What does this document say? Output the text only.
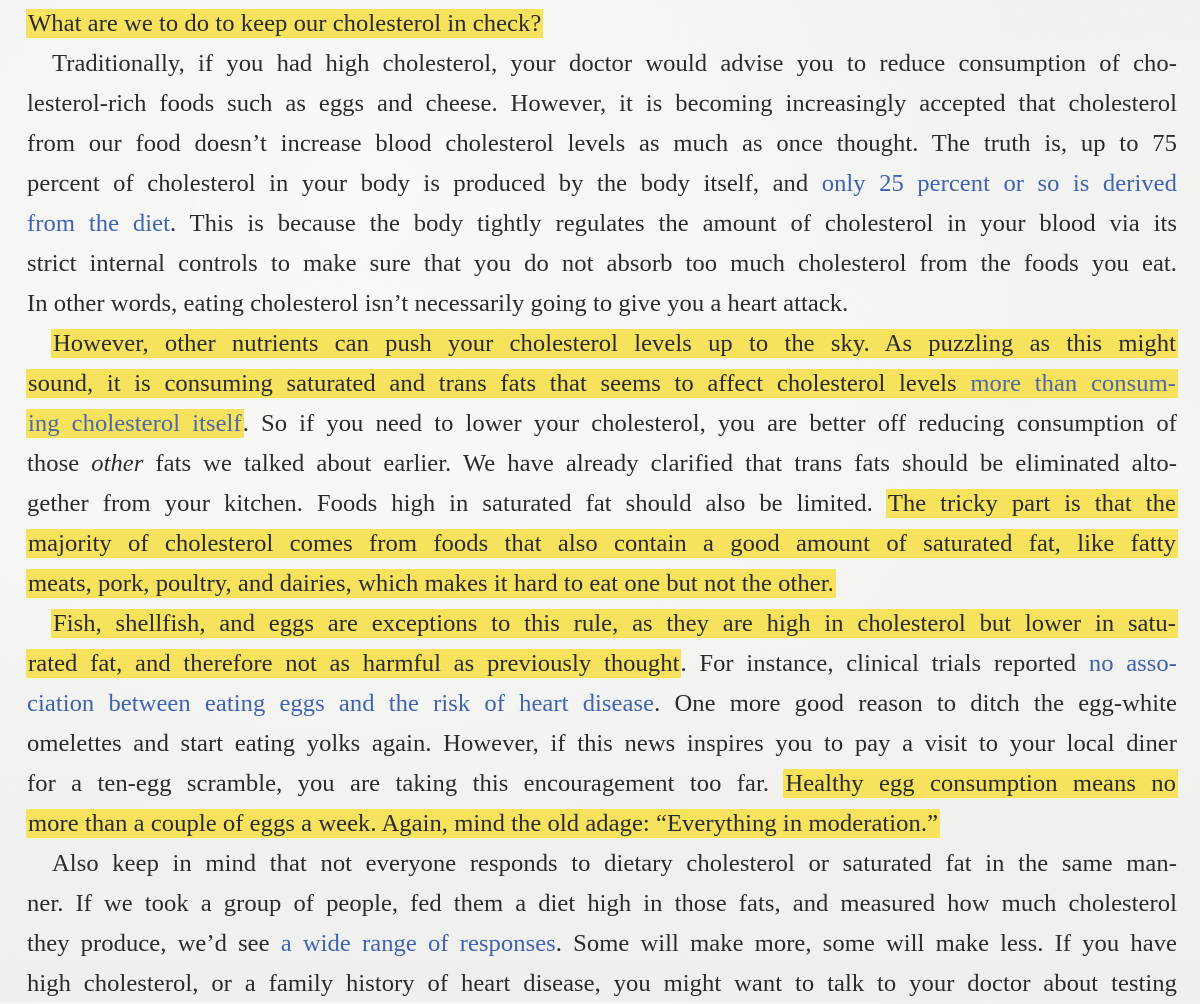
What are we to do to keep our cholesterol in check?
Traditionally, if you had high cholesterol, your doctor would advise you to reduce consumption of cho-
lesterol-rich foods such as eggs and cheese. However, it is becoming increasingly accepted that cholesterol
from our food doesn’t increase blood cholesterol levels as much as once thought. The truth is, up to 75
percent of cholesterol in your body is produced by the body itself, and only 25 percent or so is derived
from the diet. This is because the body tightly regulates the amount of cholesterol in your blood via its
strict internal controls to make sure that you do not absorb too much cholesterol from the foods you eat.
In other words, eating cholesterol isn’t necessarily going to give you a heart attack.
However, other nutrients can push your cholesterol levels up to the sky. As puzzling as this might
sound, it is consuming saturated and trans fats that seems to affect cholesterol levels more than consum-
ing cholesterol itself. So if you need to lower your cholesterol, you are better off reducing consumption of
those other fats we talked about earlier. We have already clarified that trans fats should be eliminated alto-
gether from your kitchen. Foods high in saturated fat should also be limited. The tricky part is that the
majority of cholesterol comes from foods that also contain a good amount of saturated fat, like fatty
meats, pork, poultry, and dairies, which makes it hard to eat one but not the other.
Fish, shellfish, and eggs are exceptions to this rule, as they are high in cholesterol but lower in satu-
rated fat, and therefore not as harmful as previously thought. For instance, clinical trials reported no asso-
ciation between eating eggs and the risk of heart disease. One more good reason to ditch the egg-white
omelettes and start eating yolks again. However, if this news inspires you to pay a visit to your local diner
for a ten-egg scramble, you are taking this encouragement too far. Healthy egg consumption means no
more than a couple of eggs a week. Again, mind the old adage: “Everything in moderation.”
Also keep in mind that not everyone responds to dietary cholesterol or saturated fat in the same man-
ner. If we took a group of people, fed them a diet high in those fats, and measured how much cholesterol
they produce, we’d see a wide range of responses. Some will make more, some will make less. If you have
high cholesterol, or a family history of heart disease, you might want to talk to your doctor about testing
